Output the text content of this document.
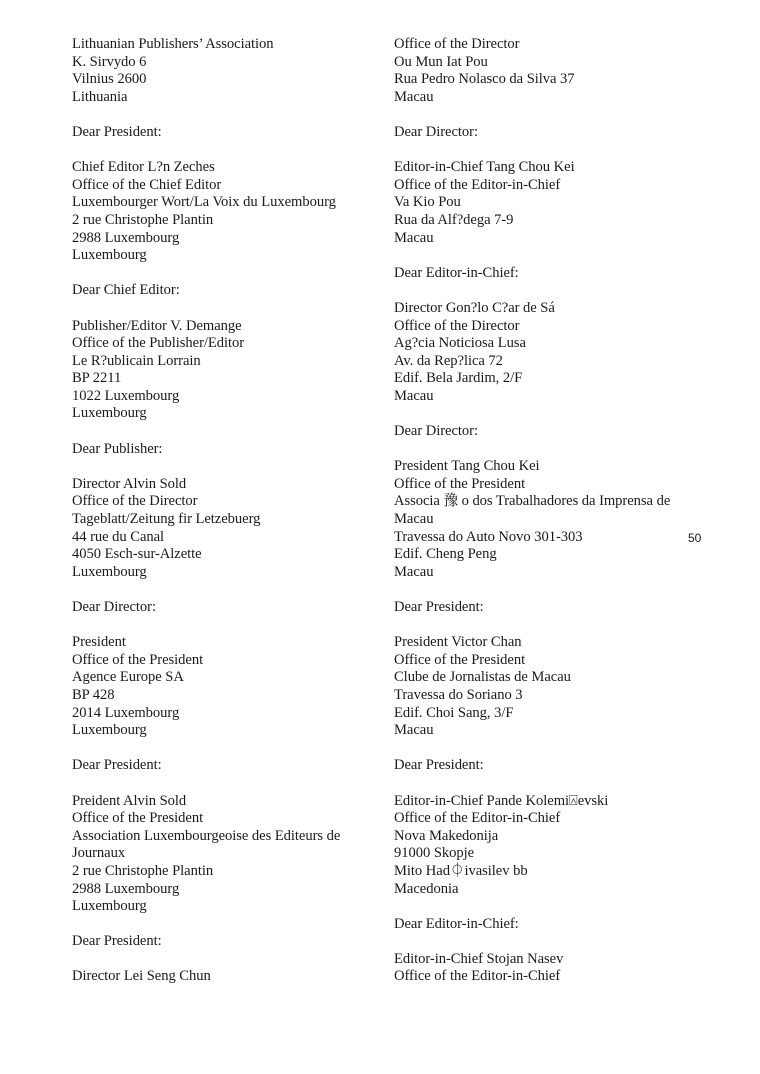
Lithuanian Publishers’ Association
K. Sirvydo 6
Vilnius 2600
Lithuania
Dear President:
Chief Editor L?n Zeches
Office of the Chief Editor
Luxembourger Wort/La Voix du Luxembourg
2 rue Christophe Plantin
2988 Luxembourg
Luxembourg
Dear Chief Editor:
Publisher/Editor V. Demange
Office of the Publisher/Editor
Le R?ublicain Lorrain
BP 2211
1022 Luxembourg
Luxembourg
Dear Publisher:
Director Alvin Sold
Office of the Director
Tageblatt/Zeitung fir Letzebuerg
44 rue du Canal
4050 Esch-sur-Alzette
Luxembourg
Dear Director:
President
Office of the President
Agence Europe SA
BP 428
2014 Luxembourg
Luxembourg
Dear President:
Preident Alvin Sold
Office of the President
Association Luxembourgeoise des Editeurs de
Journaux
2 rue Christophe Plantin
2988 Luxembourg
Luxembourg
Dear President:
Director Lei Seng Chun
Office of the Director
Ou Mun Iat Pou
Rua Pedro Nolasco da Silva 37
Macau
Dear Director:
Editor-in-Chief Tang Chou Kei
Office of the Editor-in-Chief
Va Kio Pou
Rua da Alf?dega 7-9
Macau
Dear Editor-in-Chief:
Director Gon?lo C?ar de Sá
Office of the Director
Ag?cia Noticiosa Lusa
Av. da Rep?lica 72
Edif. Bela Jardim, 2/F
Macau
Dear Director:
President Tang Chou Kei
Office of the President
Associa 豫 o dos Trabalhadores da Imprensa de
Macau
Travessa do Auto Novo 301-303
Edif. Cheng Peng
Macau
Dear President:
President Victor Chan
Office of the President
Clube de Jornalistas de Macau
Travessa do Soriano 3
Edif. Choi Sang, 3/F
Macau
Dear President:
Editor-in-Chief Pande Kolemi⍓evski
Office of the Editor-in-Chief
Nova Makedonija
91000 Skopje
Mito Had⏀ivasilev bb
Macedonia
Dear Editor-in-Chief:
Editor-in-Chief Stojan Nasev
Office of the Editor-in-Chief
50
